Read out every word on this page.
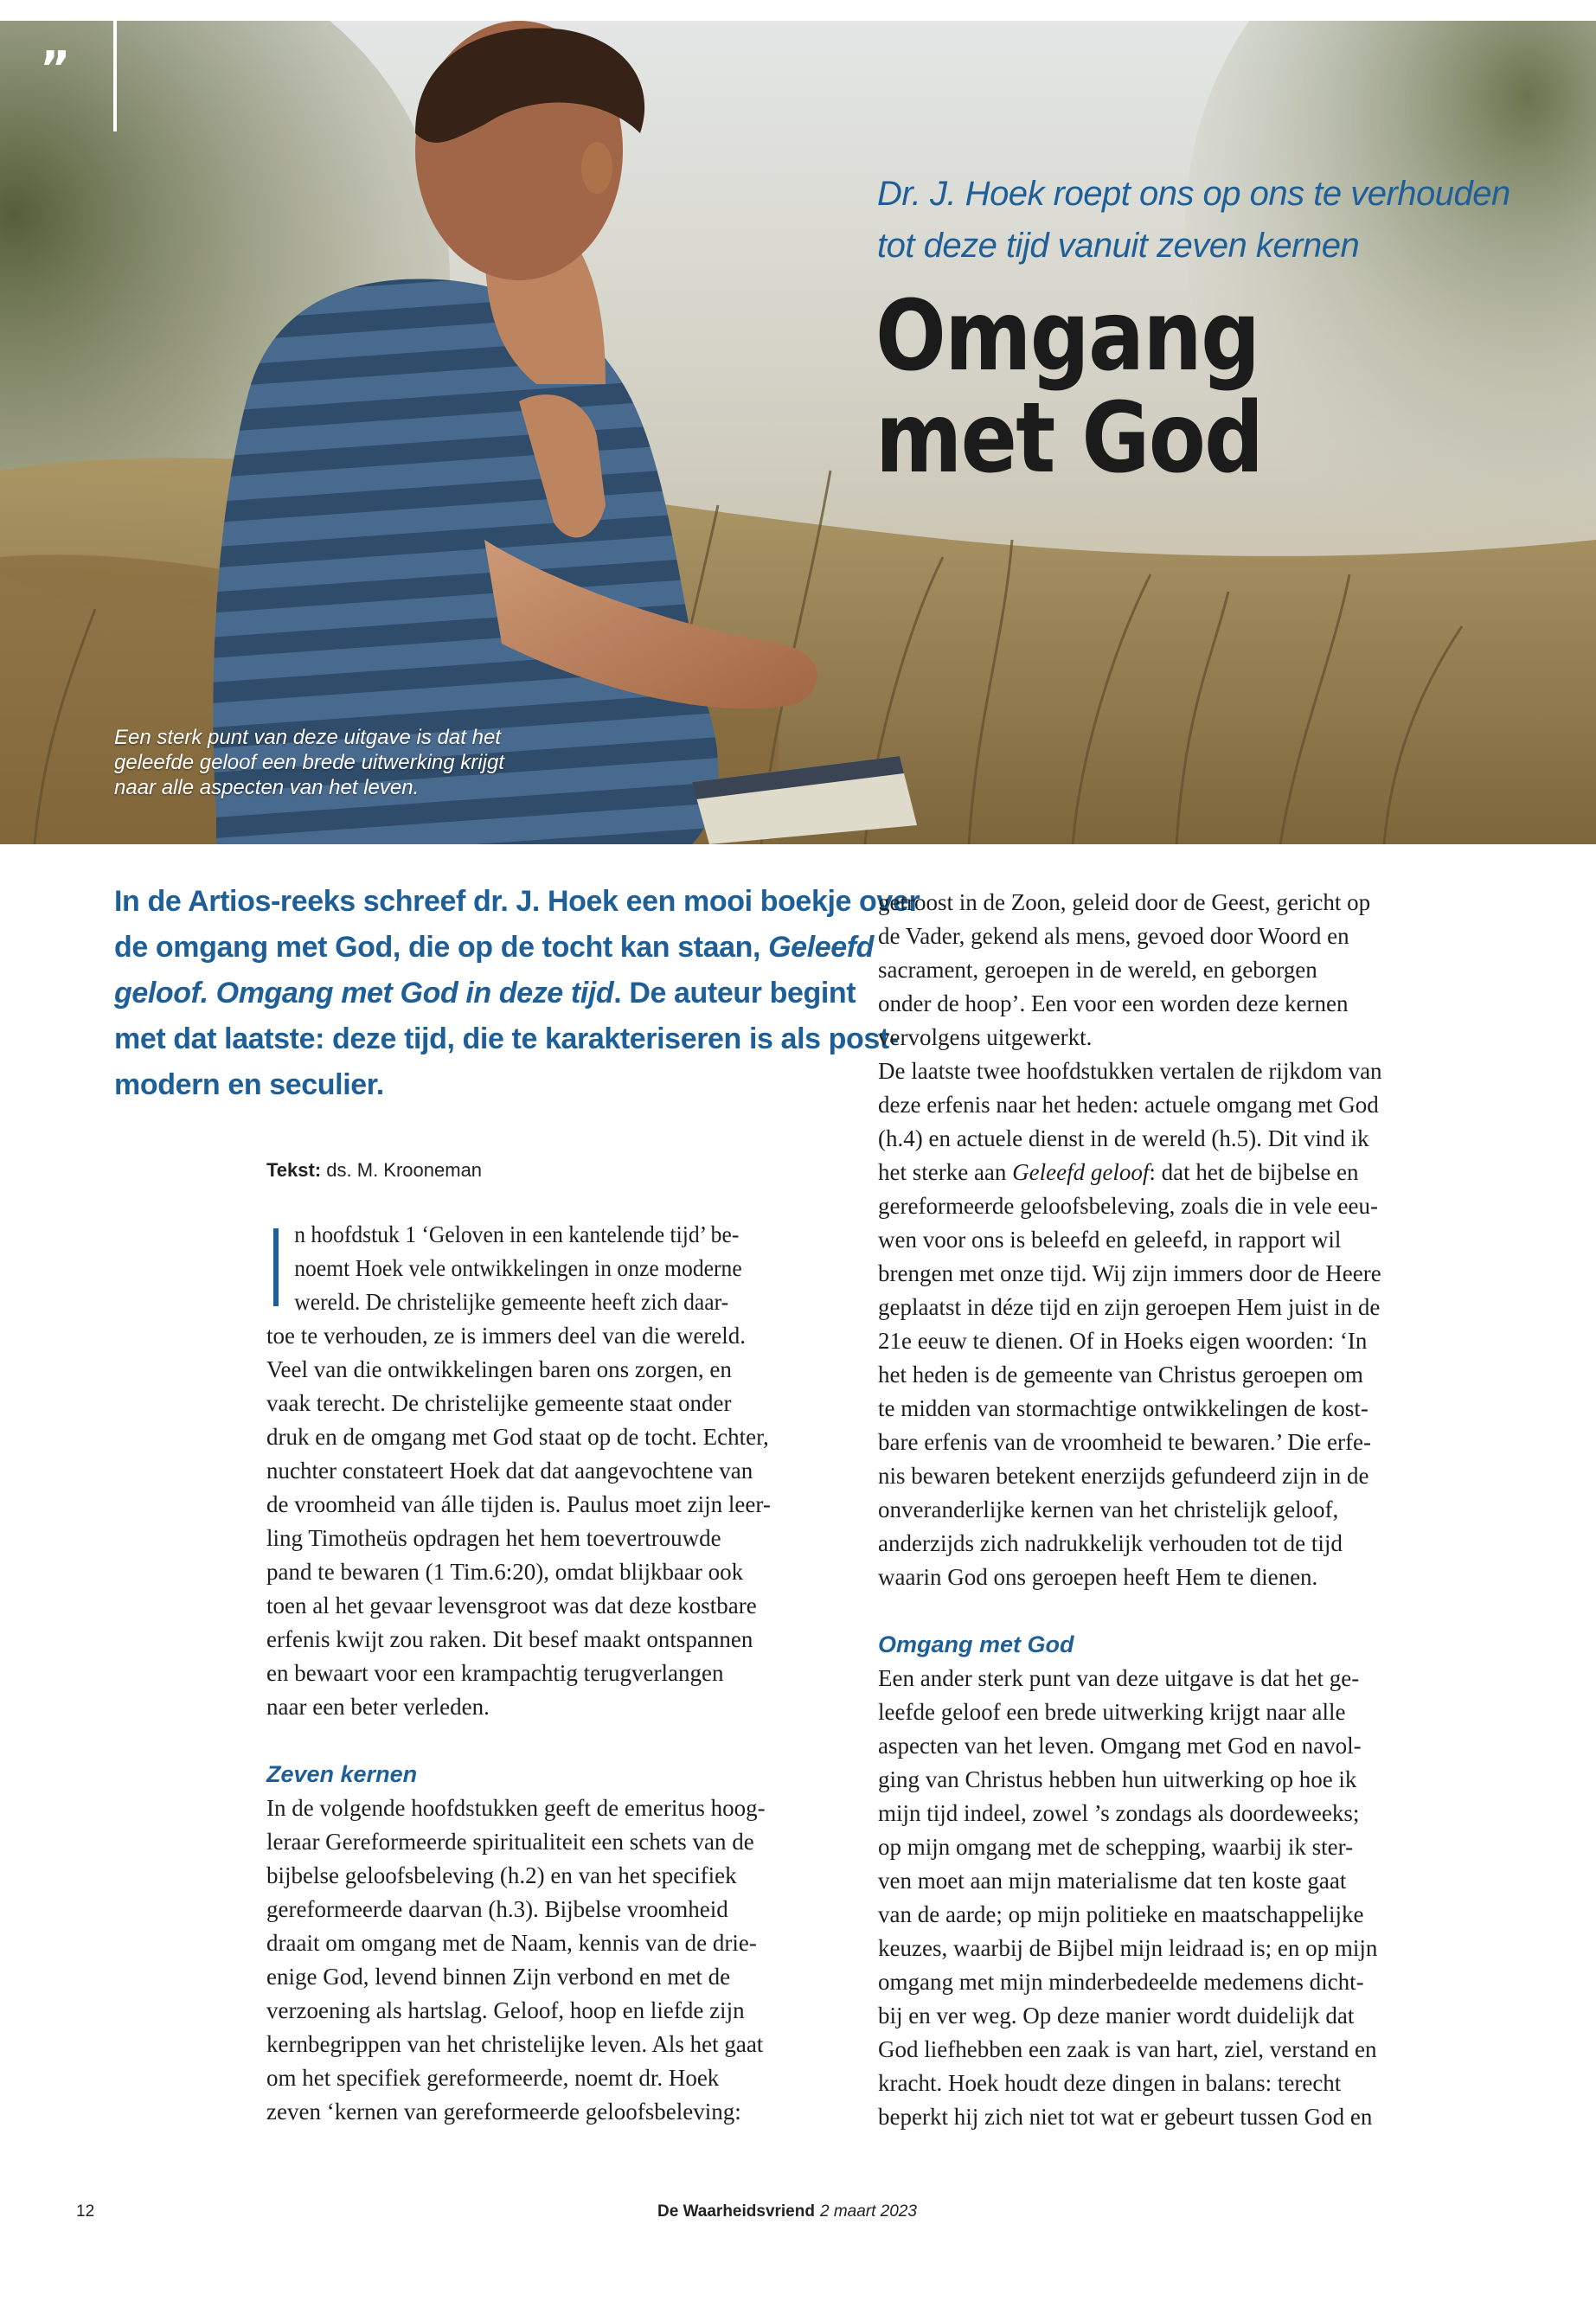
”
Dr. J. Hoek roept ons op ons te verhouden
tot deze tijd vanuit zeven kernen
Omgang
met God
Een sterk punt van deze uitgave is dat het
geleefde geloof een brede uitwerking krijgt
naar alle aspecten van het leven.
In de Artios-reeks schreef dr. J. Hoek een mooi boekje over
de omgang met God, die op de tocht kan staan, Geleefd
geloof. Omgang met God in deze tijd. De auteur begint
met dat laatste: deze tijd, die te karakteriseren is als post-
modern en seculier.
Tekst: ds. M. Krooneman
n hoofdstuk 1 ‘Geloven in een kantelende tijd’ be-
noemt Hoek vele ontwikkelingen in onze moderne
wereld. De christelijke gemeente heeft zich daar-
toe te verhouden, ze is immers deel van die wereld.
Veel van die ontwikkelingen baren ons zorgen, en
vaak terecht. De christelijke gemeente staat onder
druk en de omgang met God staat op de tocht. Echter,
nuchter constateert Hoek dat dat aangevochtene van
de vroomheid van álle tijden is. Paulus moet zijn leer-
ling Timotheüs opdragen het hem toevertrouwde
pand te bewaren (1 Tim.6:20), omdat blijkbaar ook
toen al het gevaar levensgroot was dat deze kostbare
erfenis kwijt zou raken. Dit besef maakt ontspannen
en bewaart voor een krampachtig terugverlangen
naar een beter verleden.
Zeven kernen
In de volgende hoofdstukken geeft de emeritus hoog-
leraar Gereformeerde spiritualiteit een schets van de
bijbelse geloofsbeleving (h.2) en van het specifiek
gereformeerde daarvan (h.3). Bijbelse vroomheid
draait om omgang met de Naam, kennis van de drie-
enige God, levend binnen Zijn verbond en met de
verzoening als hartslag. Geloof, hoop en liefde zijn
kernbegrippen van het christelijke leven. Als het gaat
om het specifiek gereformeerde, noemt dr. Hoek
zeven ‘kernen van gereformeerde geloofsbeleving:
getroost in de Zoon, geleid door de Geest, gericht op
de Vader, gekend als mens, gevoed door Woord en
sacrament, geroepen in de wereld, en geborgen
onder de hoop’. Een voor een worden deze kernen
vervolgens uitgewerkt.
De laatste twee hoofdstukken vertalen de rijkdom van
deze erfenis naar het heden: actuele omgang met God
(h.4) en actuele dienst in de wereld (h.5). Dit vind ik
het sterke aan Geleefd geloof: dat het de bijbelse en
gereformeerde geloofsbeleving, zoals die in vele eeu-
wen voor ons is beleefd en geleefd, in rapport wil
brengen met onze tijd. Wij zijn immers door de Heere
geplaatst in déze tijd en zijn geroepen Hem juist in de
21e eeuw te dienen. Of in Hoeks eigen woorden: ‘In
het heden is de gemeente van Christus geroepen om
te midden van stormachtige ontwikkelingen de kost-
bare erfenis van de vroomheid te bewaren.’ Die erfe-
nis bewaren betekent enerzijds gefundeerd zijn in de
onveranderlijke kernen van het christelijk geloof,
anderzijds zich nadrukkelijk verhouden tot de tijd
waarin God ons geroepen heeft Hem te dienen.
Omgang met God
Een ander sterk punt van deze uitgave is dat het ge-
leefde geloof een brede uitwerking krijgt naar alle
aspecten van het leven. Omgang met God en navol-
ging van Christus hebben hun uitwerking op hoe ik
mijn tijd indeel, zowel ’s zondags als doordeweeks;
op mijn omgang met de schepping, waarbij ik ster-
ven moet aan mijn materialisme dat ten koste gaat
van de aarde; op mijn politieke en maatschappelijke
keuzes, waarbij de Bijbel mijn leidraad is; en op mijn
omgang met mijn minderbedeelde medemens dicht-
bij en ver weg. Op deze manier wordt duidelijk dat
God liefhebben een zaak is van hart, ziel, verstand en
kracht. Hoek houdt deze dingen in balans: terecht
beperkt hij zich niet tot wat er gebeurt tussen God en
12	De Waarheidsvriend 2 maart 2023
